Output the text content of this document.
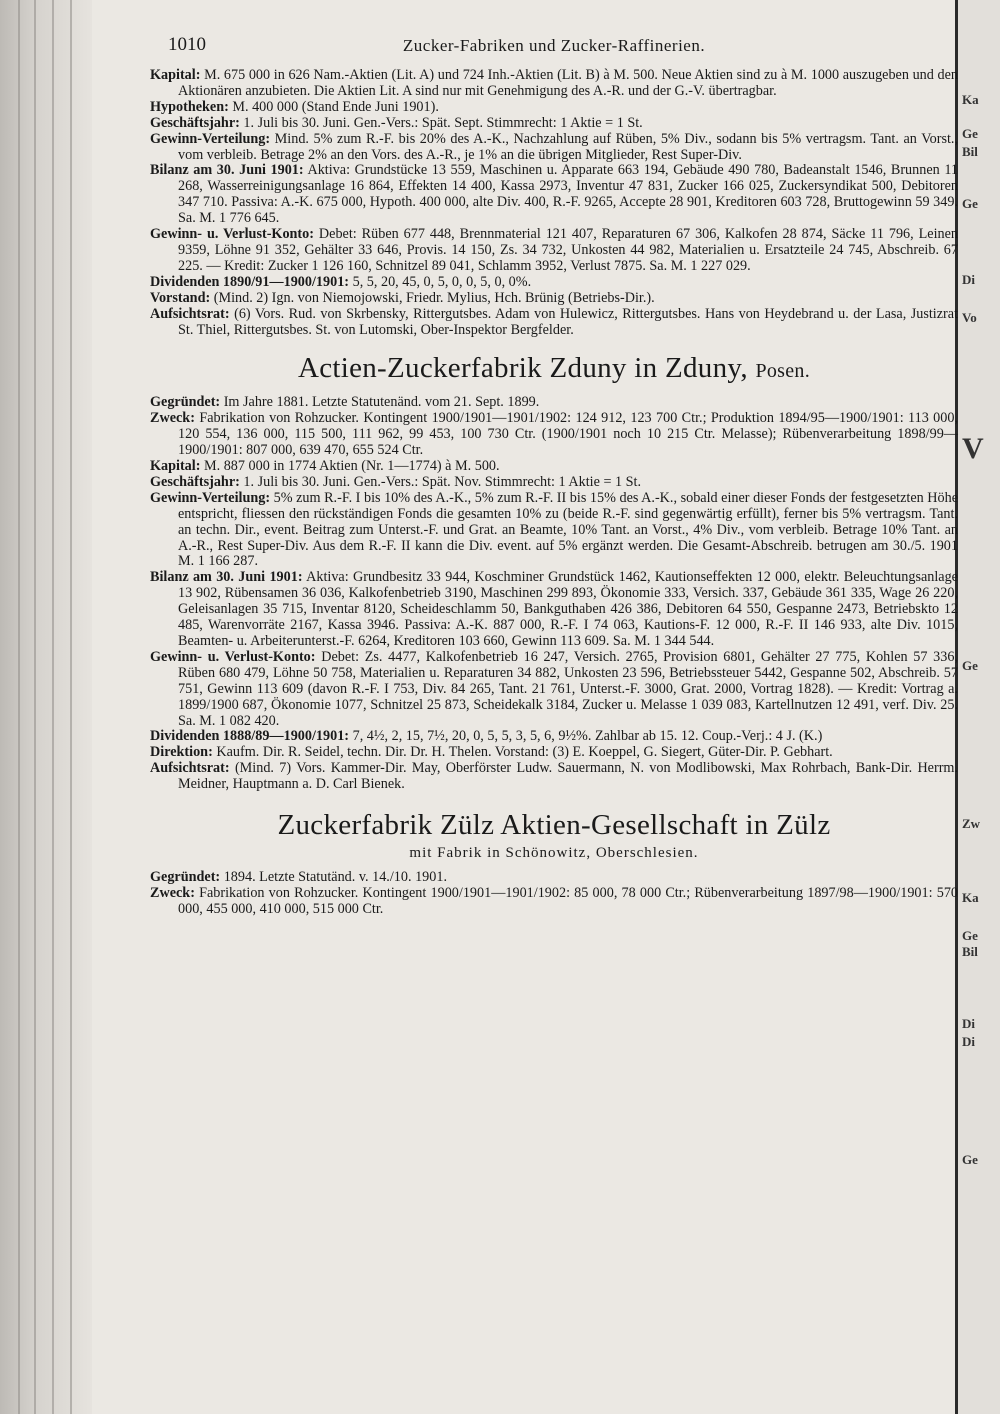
Ka
Ge
Bil
Ge
Di
Vo
V
Ge
Zw
Ka
Ge
Bil
Di
Di
Ge
1010	Zucker-Fabriken und Zucker-Raffinerien.

Kapital: M. 675 000 in 626 Nam.-Aktien (Lit. A) und 724 Inh.-Aktien (Lit. B) à M. 500. Neue Aktien sind zu à M. 1000 auszugeben und den Aktionären anzubieten. Die Aktien Lit. A sind nur mit Genehmigung des A.-R. und der G.-V. übertragbar.

Hypotheken: M. 400 000 (Stand Ende Juni 1901).

Geschäftsjahr: 1. Juli bis 30. Juni. Gen.-Vers.: Spät. Sept. Stimmrecht: 1 Aktie = 1 St.

Gewinn-Verteilung: Mind. 5% zum R.-F. bis 20% des A.-K., Nachzahlung auf Rüben, 5% Div., sodann bis 5% vertragsm. Tant. an Vorst., vom verbleib. Betrage 2% an den Vors. des A.-R., je 1% an die übrigen Mitglieder, Rest Super-Div.

Bilanz am 30. Juni 1901: Aktiva: Grundstücke 13 559, Maschinen u. Apparate 663 194, Gebäude 490 780, Badeanstalt 1546, Brunnen 11 268, Wasserreinigungsanlage 16 864, Effekten 14 400, Kassa 2973, Inventur 47 831, Zucker 166 025, Zuckersyndikat 500, Debitoren 347 710. Passiva: A.-K. 675 000, Hypoth. 400 000, alte Div. 400, R.-F. 9265, Accepte 28 901, Kreditoren 603 728, Bruttogewinn 59 349. Sa. M. 1 776 645.

Gewinn- u. Verlust-Konto: Debet: Rüben 677 448, Brennmaterial 121 407, Reparaturen 67 306, Kalkofen 28 874, Säcke 11 796, Leinen 9359, Löhne 91 352, Gehälter 33 646, Provis. 14 150, Zs. 34 732, Unkosten 44 982, Materialien u. Ersatzteile 24 745, Abschreib. 67 225. — Kredit: Zucker 1 126 160, Schnitzel 89 041, Schlamm 3952, Verlust 7875. Sa. M. 1 227 029.

Dividenden 1890/91—1900/1901: 5, 5, 20, 45, 0, 5, 0, 0, 5, 0, 0%.

Vorstand: (Mind. 2) Ign. von Niemojowski, Friedr. Mylius, Hch. Brünig (Betriebs-Dir.).

Aufsichtsrat: (6) Vors. Rud. von Skrbensky, Rittergutsbes. Adam von Hulewicz, Rittergutsbes. Hans von Heydebrand u. der Lasa, Justizrat St. Thiel, Rittergutsbes. St. von Lutomski, Ober-Inspektor Bergfelder.

Actien-Zuckerfabrik Zduny in Zduny, Posen.

Gegründet: Im Jahre 1881. Letzte Statutenänd. vom 21. Sept. 1899.

Zweck: Fabrikation von Rohzucker. Kontingent 1900/1901—1901/1902: 124 912, 123 700 Ctr.; Produktion 1894/95—1900/1901: 113 000, 120 554, 136 000, 115 500, 111 962, 99 453, 100 730 Ctr. (1900/1901 noch 10 215 Ctr. Melasse); Rübenverarbeitung 1898/99—1900/1901: 807 000, 639 470, 655 524 Ctr.

Kapital: M. 887 000 in 1774 Aktien (Nr. 1—1774) à M. 500.

Geschäftsjahr: 1. Juli bis 30. Juni. Gen.-Vers.: Spät. Nov. Stimmrecht: 1 Aktie = 1 St.

Gewinn-Verteilung: 5% zum R.-F. I bis 10% des A.-K., 5% zum R.-F. II bis 15% des A.-K., sobald einer dieser Fonds der festgesetzten Höhe entspricht, fliessen den rückständigen Fonds die gesamten 10% zu (beide R.-F. sind gegenwärtig erfüllt), ferner bis 5% vertragsm. Tant. an techn. Dir., event. Beitrag zum Unterst.-F. und Grat. an Beamte, 10% Tant. an Vorst., 4% Div., vom verbleib. Betrage 10% Tant. an A.-R., Rest Super-Div. Aus dem R.-F. II kann die Div. event. auf 5% ergänzt werden. Die Gesamt-Abschreib. betrugen am 30./5. 1901 M. 1 166 287.

Bilanz am 30. Juni 1901: Aktiva: Grundbesitz 33 944, Koschminer Grundstück 1462, Kautionseffekten 12 000, elektr. Beleuchtungsanlage 13 902, Rübensamen 36 036, Kalkofenbetrieb 3190, Maschinen 299 893, Ökonomie 333, Versich. 337, Gebäude 361 335, Wage 26 220, Geleisanlagen 35 715, Inventar 8120, Scheideschlamm 50, Bankguthaben 426 386, Debitoren 64 550, Gespanne 2473, Betriebskto 12 485, Warenvorräte 2167, Kassa 3946. Passiva: A.-K. 887 000, R.-F. I 74 063, Kautions-F. 12 000, R.-F. II 146 933, alte Div. 1015, Beamten- u. Arbeiterunterst.-F. 6264, Kreditoren 103 660, Gewinn 113 609. Sa. M. 1 344 544.

Gewinn- u. Verlust-Konto: Debet: Zs. 4477, Kalkofenbetrieb 16 247, Versich. 2765, Provision 6801, Gehälter 27 775, Kohlen 57 336, Rüben 680 479, Löhne 50 758, Materialien u. Reparaturen 34 882, Unkosten 23 596, Betriebssteuer 5442, Gespanne 502, Abschreib. 57 751, Gewinn 113 609 (davon R.-F. I 753, Div. 84 265, Tant. 21 761, Unterst.-F. 3000, Grat. 2000, Vortrag 1828). — Kredit: Vortrag a. 1899/1900 687, Ökonomie 1077, Schnitzel 25 873, Scheidekalk 3184, Zucker u. Melasse 1 039 083, Kartellnutzen 12 491, verf. Div. 25. Sa. M. 1 082 420.

Dividenden 1888/89—1900/1901: 7, 4½, 2, 15, 7½, 20, 0, 5, 5, 3, 5, 6, 9½%. Zahlbar ab 15. 12. Coup.-Verj.: 4 J. (K.)

Direktion: Kaufm. Dir. R. Seidel, techn. Dir. Dr. H. Thelen. Vorstand: (3) E. Koeppel, G. Siegert, Güter-Dir. P. Gebhart.

Aufsichtsrat: (Mind. 7) Vors. Kammer-Dir. May, Oberförster Ludw. Sauermann, N. von Modlibowski, Max Rohrbach, Bank-Dir. Herrm. Meidner, Hauptmann a. D. Carl Bienek.

Zuckerfabrik Zülz Aktien-Gesellschaft in Zülz
mit Fabrik in Schönowitz, Oberschlesien.

Gegründet: 1894. Letzte Statutänd. v. 14./10. 1901.

Zweck: Fabrikation von Rohzucker. Kontingent 1900/1901—1901/1902: 85 000, 78 000 Ctr.; Rübenverarbeitung 1897/98—1900/1901: 570 000, 455 000, 410 000, 515 000 Ctr.
